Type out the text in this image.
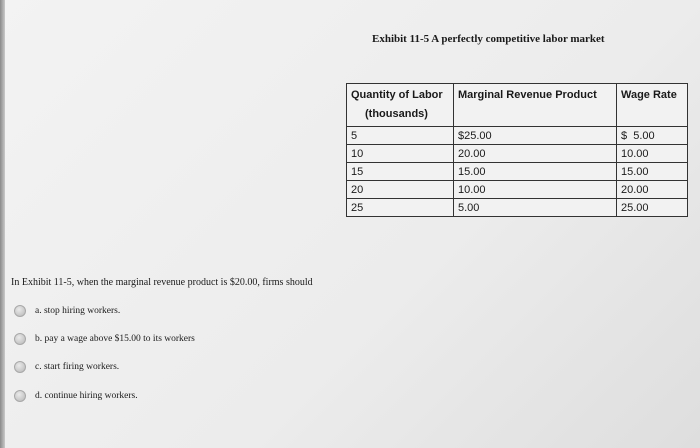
Exhibit 11-5 A perfectly competitive labor market
Quantity of Labor
(thousands)	Marginal Revenue Product	Wage Rate
5	$25.00	$  5.00
10	20.00	10.00
15	15.00	15.00
20	10.00	20.00
25	5.00	25.00
In Exhibit 11-5, when the marginal revenue product is $20.00, firms should
a. stop hiring workers.
b. pay a wage above $15.00 to its workers
c. start firing workers.
d. continue hiring workers.
